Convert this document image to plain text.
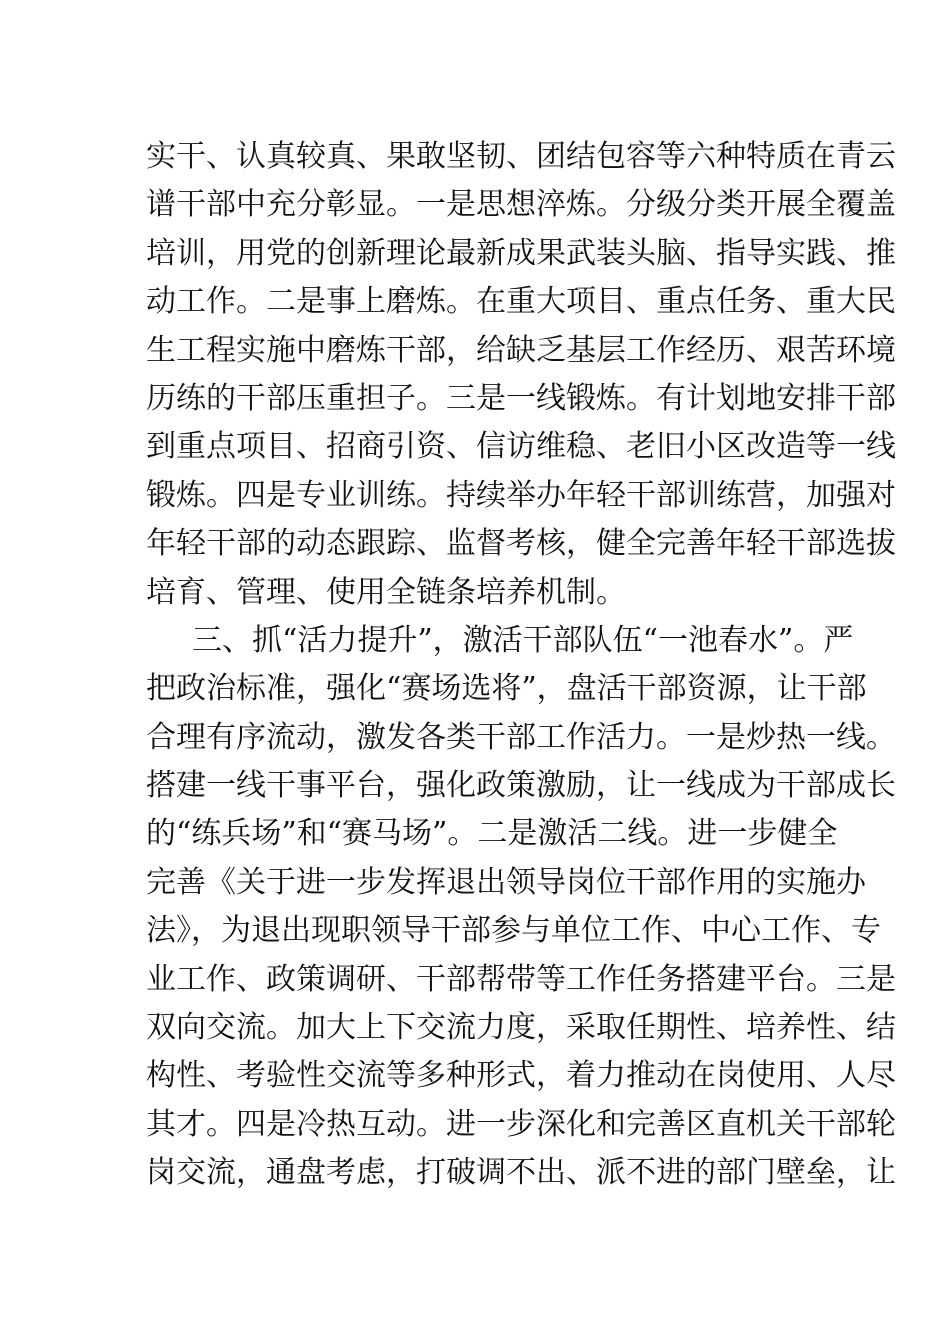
实干、认真较真、果敢坚韧、团结包容等六种特质在青云
谱干部中充分彰显。一是思想淬炼。分级分类开展全覆盖
培训，用党的创新理论最新成果武装头脑、指导实践、推
动工作。二是事上磨炼。在重大项目、重点任务、重大民
生工程实施中磨炼干部，给缺乏基层工作经历、艰苦环境
历练的干部压重担子。三是一线锻炼。有计划地安排干部
到重点项目、招商引资、信访维稳、老旧小区改造等一线
锻炼。四是专业训练。持续举办年轻干部训练营，加强对
年轻干部的动态跟踪、监督考核，健全完善年轻干部选拔
培育、管理、使用全链条培养机制。
三、抓“活力提升”，激活干部队伍“一池春水”。严
把政治标准，强化“赛场选将”，盘活干部资源，让干部
合理有序流动，激发各类干部工作活力。一是炒热一线。
搭建一线干事平台，强化政策激励，让一线成为干部成长
的“练兵场”和“赛马场”。二是激活二线。进一步健全
完善《关于进一步发挥退出领导岗位干部作用的实施办
法》，为退出现职领导干部参与单位工作、中心工作、专
业工作、政策调研、干部帮带等工作任务搭建平台。三是
双向交流。加大上下交流力度，采取任期性、培养性、结
构性、考验性交流等多种形式，着力推动在岗使用、人尽
其才。四是冷热互动。进一步深化和完善区直机关干部轮
岗交流，通盘考虑，打破调不出、派不进的部门壁垒，让
